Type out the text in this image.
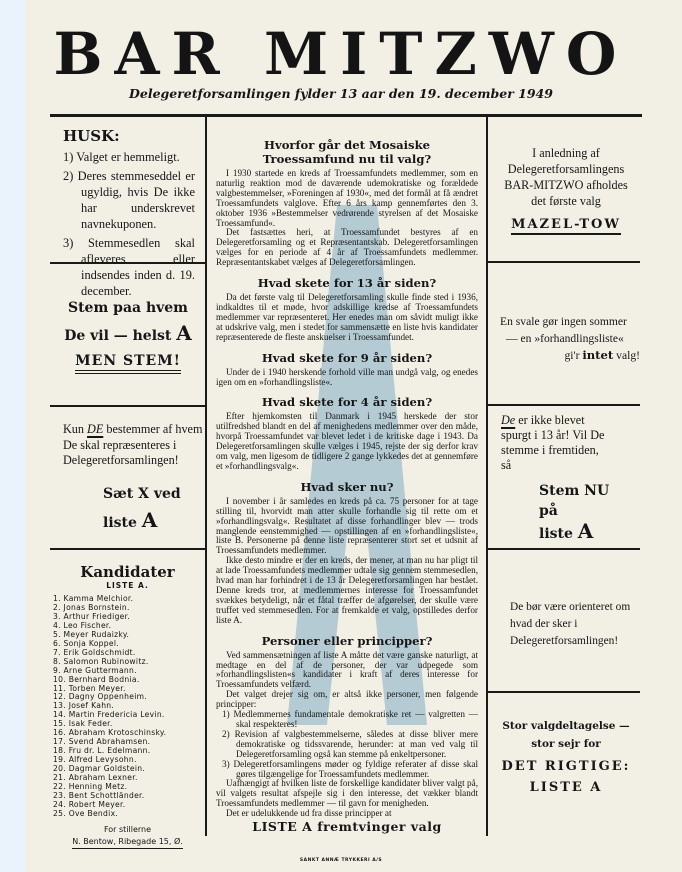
BAR MITZWO
Delegeretforsamlingen fylder 13 aar den 19. december 1949
HUSK:
1) Valget er hemmeligt.
2) Deres stemmeseddel er ugyldig, hvis De ikke har underskrevet navnekuponen.
3) Stemmesedlen skal afleveres eller indsendes inden d. 19. december.
Stem paa hvem
De vil — helst A
MEN STEM!
Kun DE bestemmer af hvem De skal repræsenteres i Delegeretforsamlingen!
Sæt X ved
liste A
Kandidater
LISTE A.
1. Kamma Melchior.
2. Jonas Bornstein.
3. Arthur Friediger.
4. Leo Fischer.
5. Meyer Rudaizky.
6. Sonja Koppel.
7. Erik Goldschmidt.
8. Salomon Rubinowitz.
9. Arne Guttermann.
10. Bernhard Bodnia.
11. Torben Meyer.
12. Dagny Oppenheim.
13. Josef Kahn.
14. Martin Fredericia Levin.
15. Isak Feder.
16. Abraham Krotoschinsky.
17. Svend Abrahamsen.
18. Fru dr. L. Edelmann.
19. Alfred Levysohn.
20. Dagmar Goldstein.
21. Abraham Lexner.
22. Henning Metz.
23. Bent Schottländer.
24. Robert Meyer.
25. Ove Bendix.
For stillerne
N. Bentow, Ribegade 15, Ø.
Hvorfor går det Mosaiske Troessamfund nu til valg?

I 1930 startede en kreds af Troessamfundets medlemmer, som en naturlig reaktion mod de daværende udemokratiske og forældede valgbestemmelser, »Foreningen af 1930«, med det formål at få ændret Troessamfundets valglove. Efter 6 års kamp gennemførtes den 3. oktober 1936 »Bestemmelser vedrørende styrelsen af det Mosaiske Troessamfund«.

Det fastsættes heri, at Troessamfundet bestyres af en Delegeretforsamling og et Repræsentantskab. Delegeretforsamlingen vælges for en periode af 4 år af Troessamfundets medlemmer. Repræsentantskabet vælges af Delegeretforsamlingen.

Hvad skete for 13 år siden?

Da det første valg til Delegeretforsamling skulle finde sted i 1936, indkaldtes til et møde, hvor adskillige kredse af Troessamfundets medlemmer var repræsenteret. Her enedes man om såvidt muligt ikke at udskrive valg, men i stedet for sammensætte en liste hvis kandidater repræsenterede de fleste anskuelser i Troessamfundet.

Hvad skete for 9 år siden?

Under de i 1940 herskende forhold ville man undgå valg, og enedes igen om en »forhandlingsliste«.

Hvad skete for 4 år siden?

Efter hjemkomsten til Danmark i 1945 herskede der stor utilfredshed blandt en del af menighedens medlemmer over den måde, hvorpå Troessamfundet var blevet ledet i de kritiske dage i 1943. Da Delegeretforsamlingen skulle vælges i 1945, rejste der sig derfor krav om valg, men ligesom de tidligere 2 gange lykkedes det at gennemføre et »forhandlingsvalg«.

Hvad sker nu?

I november i år samledes en kreds på ca. 75 personer for at tage stilling til, hvorvidt man atter skulle forhandle sig til rette om et »forhandlingsvalg«. Resultatet af disse forhandlinger blev — trods manglende eenstemmighed — opstillingen af en »forhandlingsliste«, liste B. Personerne på denne liste repræsenterer stort set et udsnit af Troessamfundets medlemmer.

Ikke desto mindre er der en kreds, der mener, at man nu har pligt til at lade Troessamfundets medlemmer udtale sig gennem stemmesedlen, hvad man har forhindret i de 13 år Delegeretforsamlingen har bestået. Denne kreds tror, at medlemmernes interesse for Troessamfundet svækkes betydeligt, når et fåtal træffer de afgørelser, der skulle være truffet ved stemmesedlen. For at fremkalde et valg, opstilledes derfor liste A.

Personer eller principper?

Ved sammensætningen af liste A måtte det være ganske naturligt, at medtage en del af de personer, der var udpegede som »forhandlingslisten«s kandidater i kraft af deres interesse for Troessamfundets velfærd.

Det valget drejer sig om, er altså ikke personer, men følgende principper:

1) Medlemmernes fundamentale demokratiske ret — valgretten — skal respekteres!
2) Revision af valgbestemmelserne, således at disse bliver mere demokratiske og tidssvarende, herunder: at man ved valg til Delegeretforsamling også kan stemme på enkeltpersoner.
3) Delegeretforsamlingens møder og fyldige referater af disse skal gøres tilgængelige for Troessamfundets medlemmer.

Uafhængigt af hvilken liste de forskellige kandidater bliver valgt på, vil valgets resultat afspejle sig i den interesse, det vækker blandt Troessamfundets medlemmer — til gavn for menigheden.

Det er udelukkende ud fra disse principper at

LISTE A fremtvinger valg
I anledning af Delegeretforsamlingens BAR-MITZWO afholdes det første valg
MAZEL-TOW
En svale gør ingen sommer
— en »forhandlingsliste«
gi'r intet valg!
De er ikke blevet spurgt i 13 år! Vil De stemme i fremtiden, så
Stem NU
på
liste A
De bør være orienteret om hvad der sker i Delegeretforsamlingen!
Stor valgdeltagelse —
stor sejr for
DET RIGTIGE:
LISTE A
SANKT ANNÆ TRYKKERI A/S
